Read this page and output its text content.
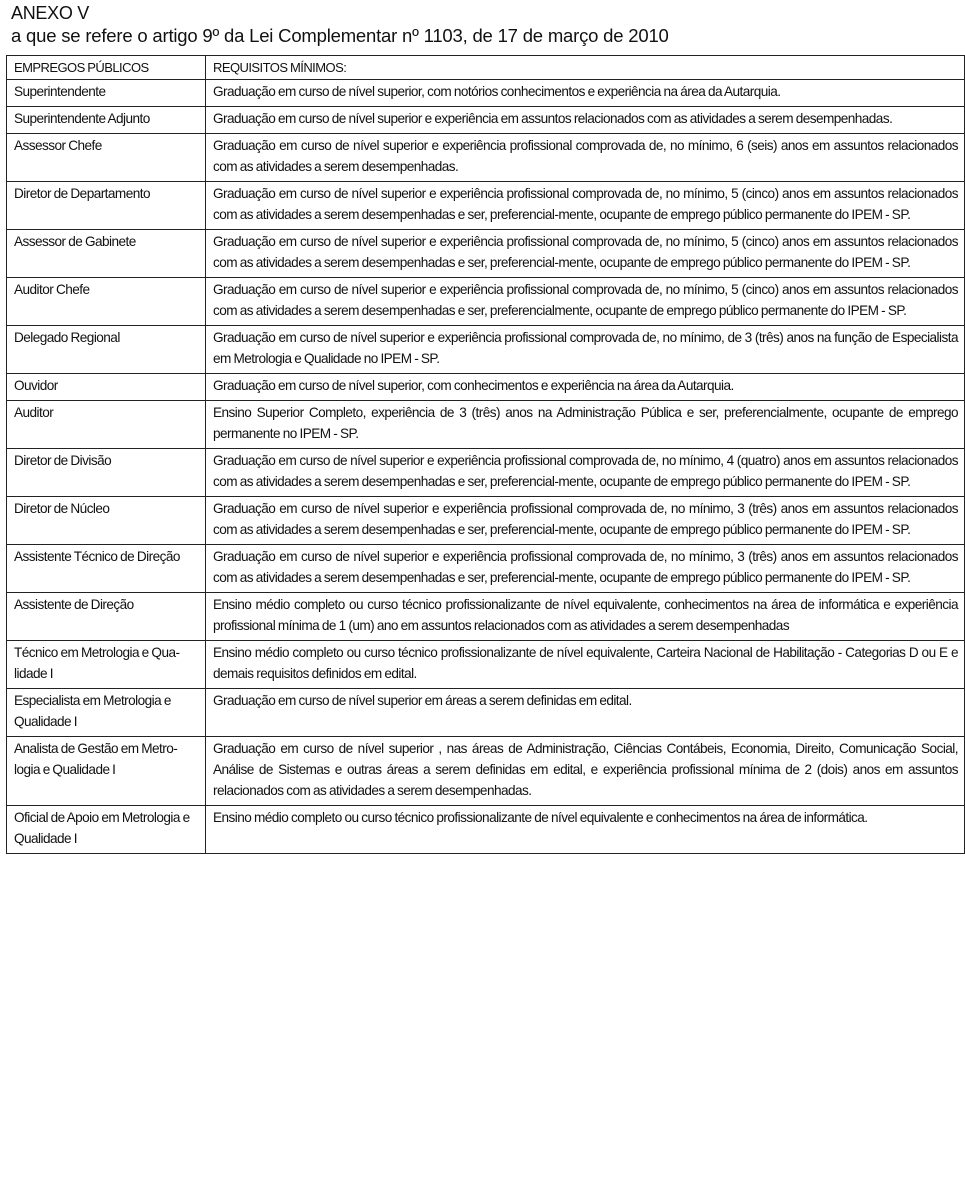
ANEXO V
a que se refere o artigo 9º da Lei Complementar nº 1103, de 17 de março de 2010
EMPREGOS PÚBLICOS	REQUISITOS MÍNIMOS:
Superintendente	Graduação em curso de nível superior, com notórios conhecimentos e experiência na área da Autarquia.
Superintendente Adjunto	Graduação em curso de nível superior e experiência em assuntos relacionados com as atividades a serem desempenhadas.
Assessor Chefe	Graduação em curso de nível superior e experiência profissional comprovada de, no mínimo, 6 (seis) anos em assuntos relacionados com as atividades a serem desempenhadas.
Diretor de Departamento	Graduação em curso de nível superior e experiência profissional comprovada de, no mínimo, 5 (cinco) anos em assuntos relacionados com as atividades a serem desempenhadas e ser, preferencial-mente, ocupante de emprego público permanente do IPEM - SP.
Assessor de Gabinete	Graduação em curso de nível superior e experiência profissional comprovada de, no mínimo, 5 (cinco) anos em assuntos relacionados com as atividades a serem desempenhadas e ser, preferencial-mente, ocupante de emprego público permanente do IPEM - SP.
Auditor Chefe	Graduação em curso de nível superior e experiência profissional comprovada de, no mínimo, 5 (cinco) anos em assuntos relacionados com as atividades a serem desempenhadas e ser, preferencialmente, ocupante de emprego público permanente do IPEM - SP.
Delegado Regional	Graduação em curso de nível superior e experiência profissional comprovada de, no mínimo, de 3 (três) anos na função de Especialista em Metrologia e Qualidade no IPEM - SP.
Ouvidor	Graduação em curso de nível superior, com conhecimentos e experiência na área da Autarquia.
Auditor	Ensino Superior Completo, experiência de 3 (três) anos na Administração Pública e ser, preferencialmente, ocupante de emprego permanente no IPEM - SP.
Diretor de Divisão	Graduação em curso de nível superior e experiência profissional comprovada de, no mínimo, 4 (quatro) anos em assuntos relacionados com as atividades a serem desempenhadas e ser, preferencial-mente, ocupante de emprego público permanente do IPEM - SP.
Diretor de Núcleo	Graduação em curso de nível superior e experiência profissional comprovada de, no mínimo, 3 (três) anos em assuntos relacionados com as atividades a serem desempenhadas e ser, preferencial-mente, ocupante de emprego público permanente do IPEM - SP.
Assistente Técnico de Direção	Graduação em curso de nível superior e experiência profissional comprovada de, no mínimo, 3 (três) anos em assuntos relacionados com as atividades a serem desempenhadas e ser, preferencial-mente, ocupante de emprego público permanente do IPEM - SP.
Assistente de Direção	Ensino médio completo ou curso técnico profissionalizante de nível equivalente, conhecimentos na área de informática e experiência profissional mínima de 1 (um) ano em assuntos relacionados com as atividades a serem desempenhadas
Técnico em Metrologia e Qualidade I	Ensino médio completo ou curso técnico profissionalizante de nível equivalente, Carteira Nacional de Habilitação - Categorias D ou E e demais requisitos definidos em edital.
Especialista em Metrologia e Qualidade I	Graduação em curso de nível superior em áreas a serem definidas em edital.
Analista de Gestão em Metrologia e Qualidade I	Graduação em curso de nível superior , nas áreas de Administração, Ciências Contábeis, Economia, Direito, Comunicação Social, Análise de Sistemas e outras áreas a serem definidas em edital, e experiência profissional mínima de 2 (dois) anos em assuntos relacionados com as atividades a serem desempenhadas.
Oficial de Apoio em Metrologia e Qualidade I	Ensino médio completo ou curso técnico profissionalizante de nível equivalente e conhecimentos na área de informática.
